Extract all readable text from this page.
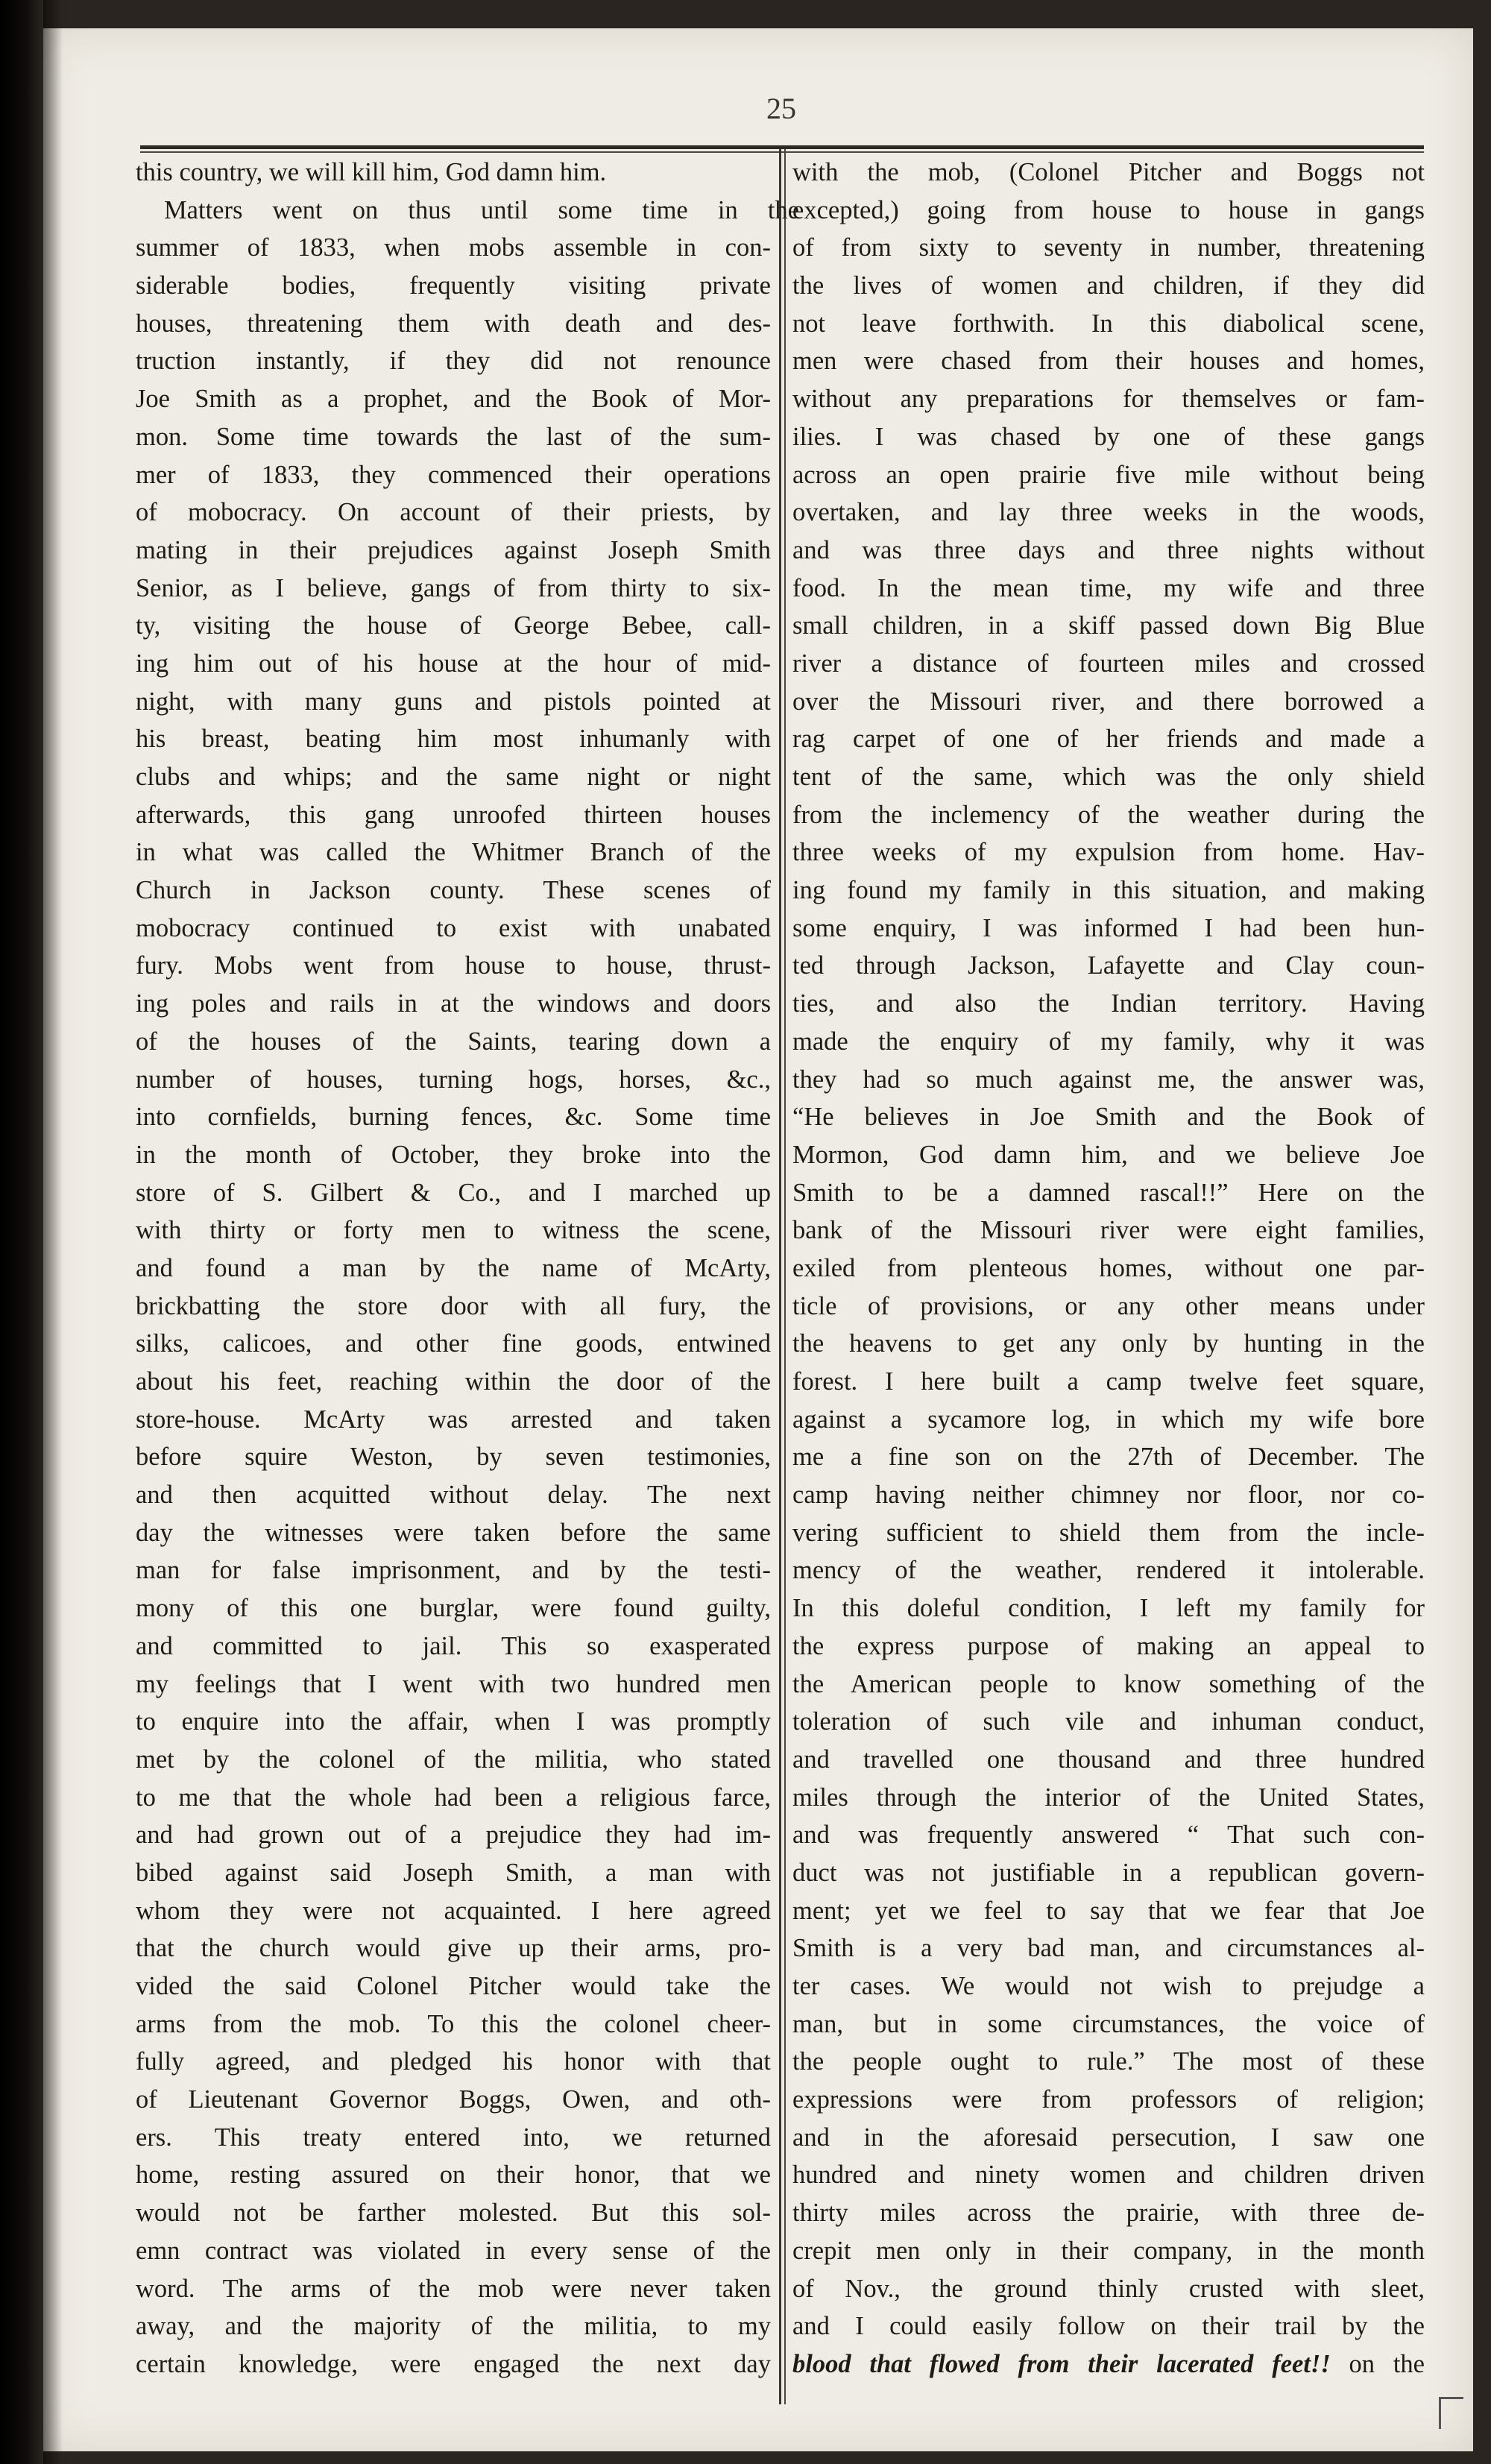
25
this country, we will kill him, God damn him.
Matters went on thus until some time in the
summer of 1833, when mobs assemble in con-
siderable bodies, frequently visiting private
houses, threatening them with death and des-
truction instantly, if they did not renounce
Joe Smith as a prophet, and the Book of Mor-
mon. Some time towards the last of the sum-
mer of 1833, they commenced their operations
of mobocracy. On account of their priests, by
mating in their prejudices against Joseph Smith
Senior, as I believe, gangs of from thirty to six-
ty, visiting the house of George Bebee, call-
ing him out of his house at the hour of mid-
night, with many guns and pistols pointed at
his breast, beating him most inhumanly with
clubs and whips; and the same night or night
afterwards, this gang unroofed thirteen houses
in what was called the Whitmer Branch of the
Church in Jackson county. These scenes of
mobocracy continued to exist with unabated
fury. Mobs went from house to house, thrust-
ing poles and rails in at the windows and doors
of the houses of the Saints, tearing down a
number of houses, turning hogs, horses, &c.,
into cornfields, burning fences, &c. Some time
in the month of October, they broke into the
store of S. Gilbert & Co., and I marched up
with thirty or forty men to witness the scene,
and found a man by the name of McArty,
brickbatting the store door with all fury, the
silks, calicoes, and other fine goods, entwined
about his feet, reaching within the door of the
store-house. McArty was arrested and taken
before squire Weston, by seven testimonies,
and then acquitted without delay. The next
day the witnesses were taken before the same
man for false imprisonment, and by the testi-
mony of this one burglar, were found guilty,
and committed to jail. This so exasperated
my feelings that I went with two hundred men
to enquire into the affair, when I was promptly
met by the colonel of the militia, who stated
to me that the whole had been a religious farce,
and had grown out of a prejudice they had im-
bibed against said Joseph Smith, a man with
whom they were not acquainted. I here agreed
that the church would give up their arms, pro-
vided the said Colonel Pitcher would take the
arms from the mob. To this the colonel cheer-
fully agreed, and pledged his honor with that
of Lieutenant Governor Boggs, Owen, and oth-
ers. This treaty entered into, we returned
home, resting assured on their honor, that we
would not be farther molested. But this sol-
emn contract was violated in every sense of the
word. The arms of the mob were never taken
away, and the majority of the militia, to my
certain knowledge, were engaged the next day
with the mob, (Colonel Pitcher and Boggs not
excepted,) going from house to house in gangs
of from sixty to seventy in number, threatening
the lives of women and children, if they did
not leave forthwith. In this diabolical scene,
men were chased from their houses and homes,
without any preparations for themselves or fam-
ilies. I was chased by one of these gangs
across an open prairie five mile without being
overtaken, and lay three weeks in the woods,
and was three days and three nights without
food. In the mean time, my wife and three
small children, in a skiff passed down Big Blue
river a distance of fourteen miles and crossed
over the Missouri river, and there borrowed a
rag carpet of one of her friends and made a
tent of the same, which was the only shield
from the inclemency of the weather during the
three weeks of my expulsion from home. Hav-
ing found my family in this situation, and making
some enquiry, I was informed I had been hun-
ted through Jackson, Lafayette and Clay coun-
ties, and also the Indian territory. Having
made the enquiry of my family, why it was
they had so much against me, the answer was,
“He believes in Joe Smith and the Book of
Mormon, God damn him, and we believe Joe
Smith to be a damned rascal!!” Here on the
bank of the Missouri river were eight families,
exiled from plenteous homes, without one par-
ticle of provisions, or any other means under
the heavens to get any only by hunting in the
forest. I here built a camp twelve feet square,
against a sycamore log, in which my wife bore
me a fine son on the 27th of December. The
camp having neither chimney nor floor, nor co-
vering sufficient to shield them from the incle-
mency of the weather, rendered it intolerable.
In this doleful condition, I left my family for
the express purpose of making an appeal to
the American people to know something of the
toleration of such vile and inhuman conduct,
and travelled one thousand and three hundred
miles through the interior of the United States,
and was frequently answered “ That such con-
duct was not justifiable in a republican govern-
ment; yet we feel to say that we fear that Joe
Smith is a very bad man, and circumstances al-
ter cases. We would not wish to prejudge a
man, but in some circumstances, the voice of
the people ought to rule.” The most of these
expressions were from professors of religion;
and in the aforesaid persecution, I saw one
hundred and ninety women and children driven
thirty miles across the prairie, with three de-
crepit men only in their company, in the month
of Nov., the ground thinly crusted with sleet,
and I could easily follow on their trail by the
blood that flowed from their lacerated feet!! on the
